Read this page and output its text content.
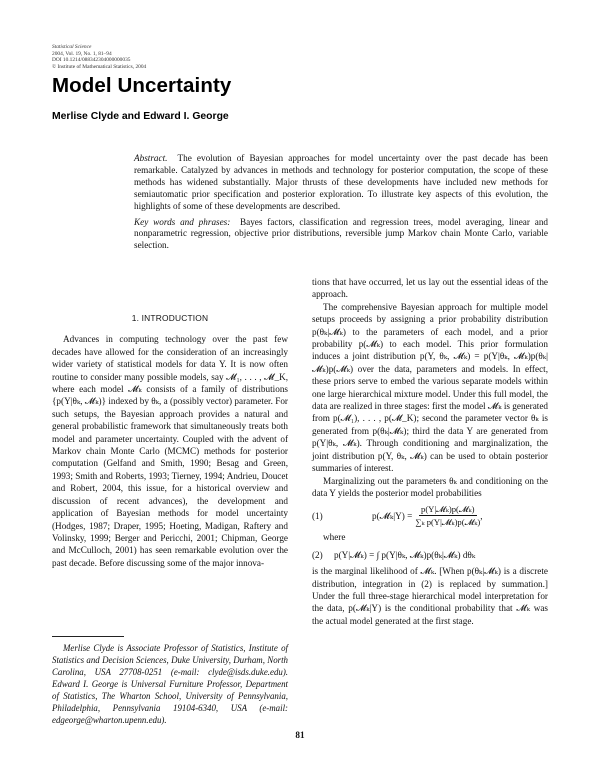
Statistical Science
2004, Vol. 19, No. 1, 81–94
DOI 10.1214/088342304000000035
© Institute of Mathematical Statistics, 2004
Model Uncertainty
Merlise Clyde and Edward I. George

Abstract. The evolution of Bayesian approaches for model uncertainty over the past decade has been remarkable. Catalyzed by advances in methods and technology for posterior computation, the scope of these methods has widened substantially. Major thrusts of these developments have included new methods for semiautomatic prior specification and posterior exploration. To illustrate key aspects of this evolution, the highlights of some of these developments are described.

Key words and phrases: Bayes factors, classification and regression trees, model averaging, linear and nonparametric regression, objective prior distributions, reversible jump Markov chain Monte Carlo, variable selection.

1. INTRODUCTION

Advances in computing technology over the past few decades have allowed for the consideration of an increasingly wider variety of statistical models for data Y. It is now often routine to consider many possible models, say 𝓜₁, . . . , 𝓜_K, where each model 𝓜ₖ consists of a family of distributions {p(Y|θₖ, 𝓜ₖ)} indexed by θₖ, a (possibly vector) parameter. For such setups, the Bayesian approach provides a natural and general probabilistic framework that simultaneously treats both model and parameter uncertainty. Coupled with the advent of Markov chain Monte Carlo (MCMC) methods for posterior computation (Gelfand and Smith, 1990; Besag and Green, 1993; Smith and Roberts, 1993; Tierney, 1994; Andrieu, Doucet and Robert, 2004, this issue, for a historical overview and discussion of recent advances), the development and application of Bayesian methods for model uncertainty (Hodges, 1987; Draper, 1995; Hoeting, Madigan, Raftery and Volinsky, 1999; Berger and Pericchi, 2001; Chipman, George and McCulloch, 2001) has seen remarkable evolution over the past decade. Before discussing some of the major innova-

tions that have occurred, let us lay out the essential ideas of the approach.

The comprehensive Bayesian approach for multiple model setups proceeds by assigning a prior probability distribution p(θₖ|𝓜ₖ) to the parameters of each model, and a prior probability p(𝓜ₖ) to each model. This prior formulation induces a joint distribution p(Y, θₖ, 𝓜ₖ) = p(Y|θₖ, 𝓜ₖ)p(θₖ|𝓜ₖ)p(𝓜ₖ) over the data, parameters and models. In effect, these priors serve to embed the various separate models within one large hierarchical mixture model. Under this full model, the data are realized in three stages: first the model 𝓜ₖ is generated from p(𝓜₁), . . . , p(𝓜_K); second the parameter vector θₖ is generated from p(θₖ|𝓜ₖ); third the data Y are generated from p(Y|θₖ, 𝓜ₖ). Through conditioning and marginalization, the joint distribution p(Y, θₖ, 𝓜ₖ) can be used to obtain posterior summaries of interest.

Marginalizing out the parameters θₖ and conditioning on the data Y yields the posterior model probabilities

(1)	p(𝓜ₖ|Y) = $\frac{\text{p(Y|𝓜ₖ)p(𝓜ₖ)}}{\text{∑ₖ p(Y|𝓜ₖ)p(𝓜ₖ)}}$ ,

where

(2)	p(Y|𝓜ₖ) = ∫ p(Y|θₖ, 𝓜ₖ)p(θₖ|𝓜ₖ) dθₖ

is the marginal likelihood of 𝓜ₖ. [When p(θₖ|𝓜ₖ) is a discrete distribution, integration in (2) is replaced by summation.] Under the full three-stage hierarchical model interpretation for the data, p(𝓜ₖ|Y) is the conditional probability that 𝓜ₖ was the actual model generated at the first stage.

Merlise Clyde is Associate Professor of Statistics, Institute of Statistics and Decision Sciences, Duke University, Durham, North Carolina, USA 27708-0251 (e-mail: clyde@isds.duke.edu). Edward I. George is Universal Furniture Professor, Department of Statistics, The Wharton School, University of Pennsylvania, Philadelphia, Pennsylvania 19104-6340, USA (e-mail: edgeorge@wharton.upenn.edu).

81
